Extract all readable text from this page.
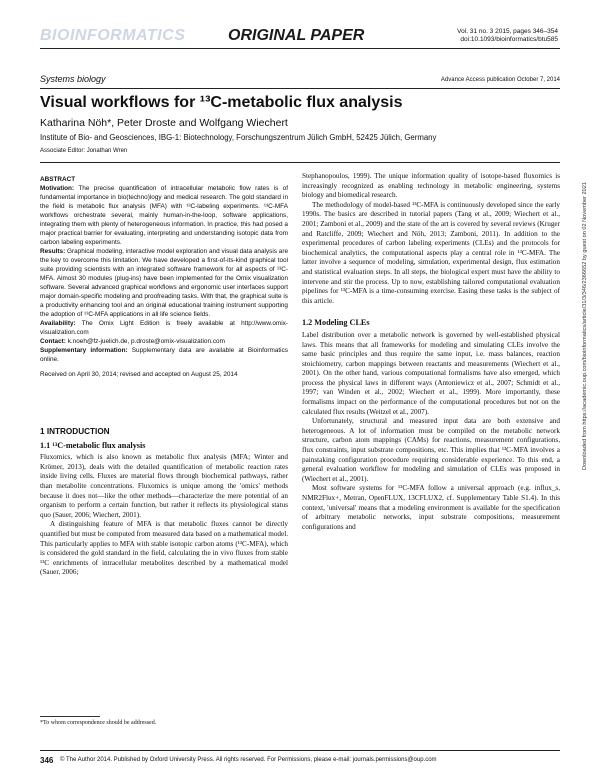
BIOINFORMATICS	ORIGINAL PAPER	Vol. 31 no. 3 2015, pages 346–354
doi:10.1093/bioinformatics/btu585
Systems biology	Advance Access publication October 7, 2014
Visual workflows for ¹³C-metabolic flux analysis
Katharina Nöh*, Peter Droste and Wolfgang Wiechert
Institute of Bio- and Geosciences, IBG-1: Biotechnology, Forschungszentrum Jülich GmbH, 52425 Jülich, Germany
Associate Editor: Jonathan Wren

ABSTRACT

Motivation: The precise quantification of intracellular metabolic flow rates is of fundamental importance in bio(techno)logy and medical research. The gold standard in the field is metabolic flux analysis (MFA) with ¹³C-labeling experiments. ¹³C-MFA workflows orchestrate several, mainly human-in-the-loop, software applications, integrating them with plenty of heterogeneous information. In practice, this had posed a major practical barrier for evaluating, interpreting and understanding isotopic data from carbon labeling experiments.

Results: Graphical modeling, interactive model exploration and visual data analysis are the key to overcome this limitation. We have developed a first-of-its-kind graphical tool suite providing scientists with an integrated software framework for all aspects of ¹³C-MFA. Almost 30 modules (plug-ins) have been implemented for the Omix visualization software. Several advanced graphical workflows and ergonomic user interfaces support major domain-specific modeling and proofreading tasks. With that, the graphical suite is a productivity enhancing tool and an original educational training instrument supporting the adoption of ¹³C-MFA applications in all life science fields.

Availability: The Omix Light Edition is freely available at http://www.omix-visualization.com

Contact: k.noeh@fz-juelich.de, p.droste@omix-visualization.com

Supplementary information: Supplementary data are available at Bioinformatics online.

Received on April 30, 2014; revised and accepted on August 25, 2014

1 INTRODUCTION
1.1 ¹³C-metabolic flux analysis

Fluxomics, which is also known as metabolic flux analysis (MFA; Winter and Krömer, 2013), deals with the detailed quantification of metabolic reaction rates inside living cells. Fluxes are material flows through biochemical pathways, rather than metabolite concentrations. Fluxomics is unique among the 'omics' methods because it does not—like the other methods—characterize the mere potential of an organism to perform a certain function, but rather it reflects its physiological status quo (Sauer, 2006; Wiechert, 2001).

A distinguishing feature of MFA is that metabolic fluxes cannot be directly quantified but must be computed from measured data based on a mathematical model. This particularly applies to MFA with stable isotopic carbon atoms (¹³C-MFA), which is considered the gold standard in the field, calculating the in vivo fluxes from stable ¹³C enrichments of intracellular metabolites described by a mathematical model (Sauer, 2006;

Stephanopoulos, 1999). The unique information quality of isotope-based fluxomics is increasingly recognized as enabling technology in metabolic engineering, systems biology and biomedical research.

The methodology of model-based ¹³C-MFA is continuously developed since the early 1990s. The basics are described in tutorial papers (Tang et al., 2009; Wiechert et al., 2001; Zamboni et al., 2009) and the state of the art is covered by several reviews (Kruger and Ratcliffe, 2009; Wiechert and Nöh, 2013; Zamboni, 2011). In addition to the experimental procedures of carbon labeling experiments (CLEs) and the protocols for biochemical analytics, the computational aspects play a central role in ¹³C-MFA. The latter involve a sequence of modeling, simulation, experimental design, flux estimation and statistical evaluation steps. In all steps, the biological expert must have the ability to intervene and stir the process. Up to now, establishing tailored computational evaluation pipelines for ¹³C-MFA is a time-consuming exercise. Easing these tasks is the subject of this article.

1.2 Modeling CLEs

Label distribution over a metabolic network is governed by well-established physical laws. This means that all frameworks for modeling and simulating CLEs involve the same basic principles and thus require the same input, i.e. mass balances, reaction stoichiometry, carbon mappings between reactants and measurements (Wiechert et al., 2001). On the other hand, various computational formalisms have also emerged, which process the physical laws in different ways (Antoniewicz et al., 2007; Schmidt et al., 1997; van Winden et al., 2002; Wiechert et al., 1999). More importantly, these formalisms impact on the performance of the computational procedures but not on the calculated flux results (Weitzel et al., 2007).

Unfortunately, structural and measured input data are both extensive and heterogeneous. A lot of information must be compiled on the metabolic network structure, carbon atom mappings (CAMs) for reactions, measurement configurations, flux constraints, input substrate compositions, etc. This implies that ¹³C-MFA involves a painstaking configuration procedure requiring considerable experience. To this end, a general evaluation workflow for modeling and simulation of CLEs was proposed in (Wiechert et al., 2001).

Most software systems for ¹³C-MFA follow a universal approach (e.g. influx_s, NMR2Flux+, Metran, OpenFLUX, 13CFLUX2, cf. Supplementary Table S1.4). In this context, 'universal' means that a modeling environment is available for the specification of arbitrary metabolic networks, input substrate compositions, measurement configurations and

Downloaded from https://academic.oup.com/bioinformatics/article/31/3/346/2366652 by guest on 02 November 2021
*To whom correspondence should be addressed.
346 © The Author 2014. Published by Oxford University Press. All rights reserved. For Permissions, please e-mail: journals.permissions@oup.com
